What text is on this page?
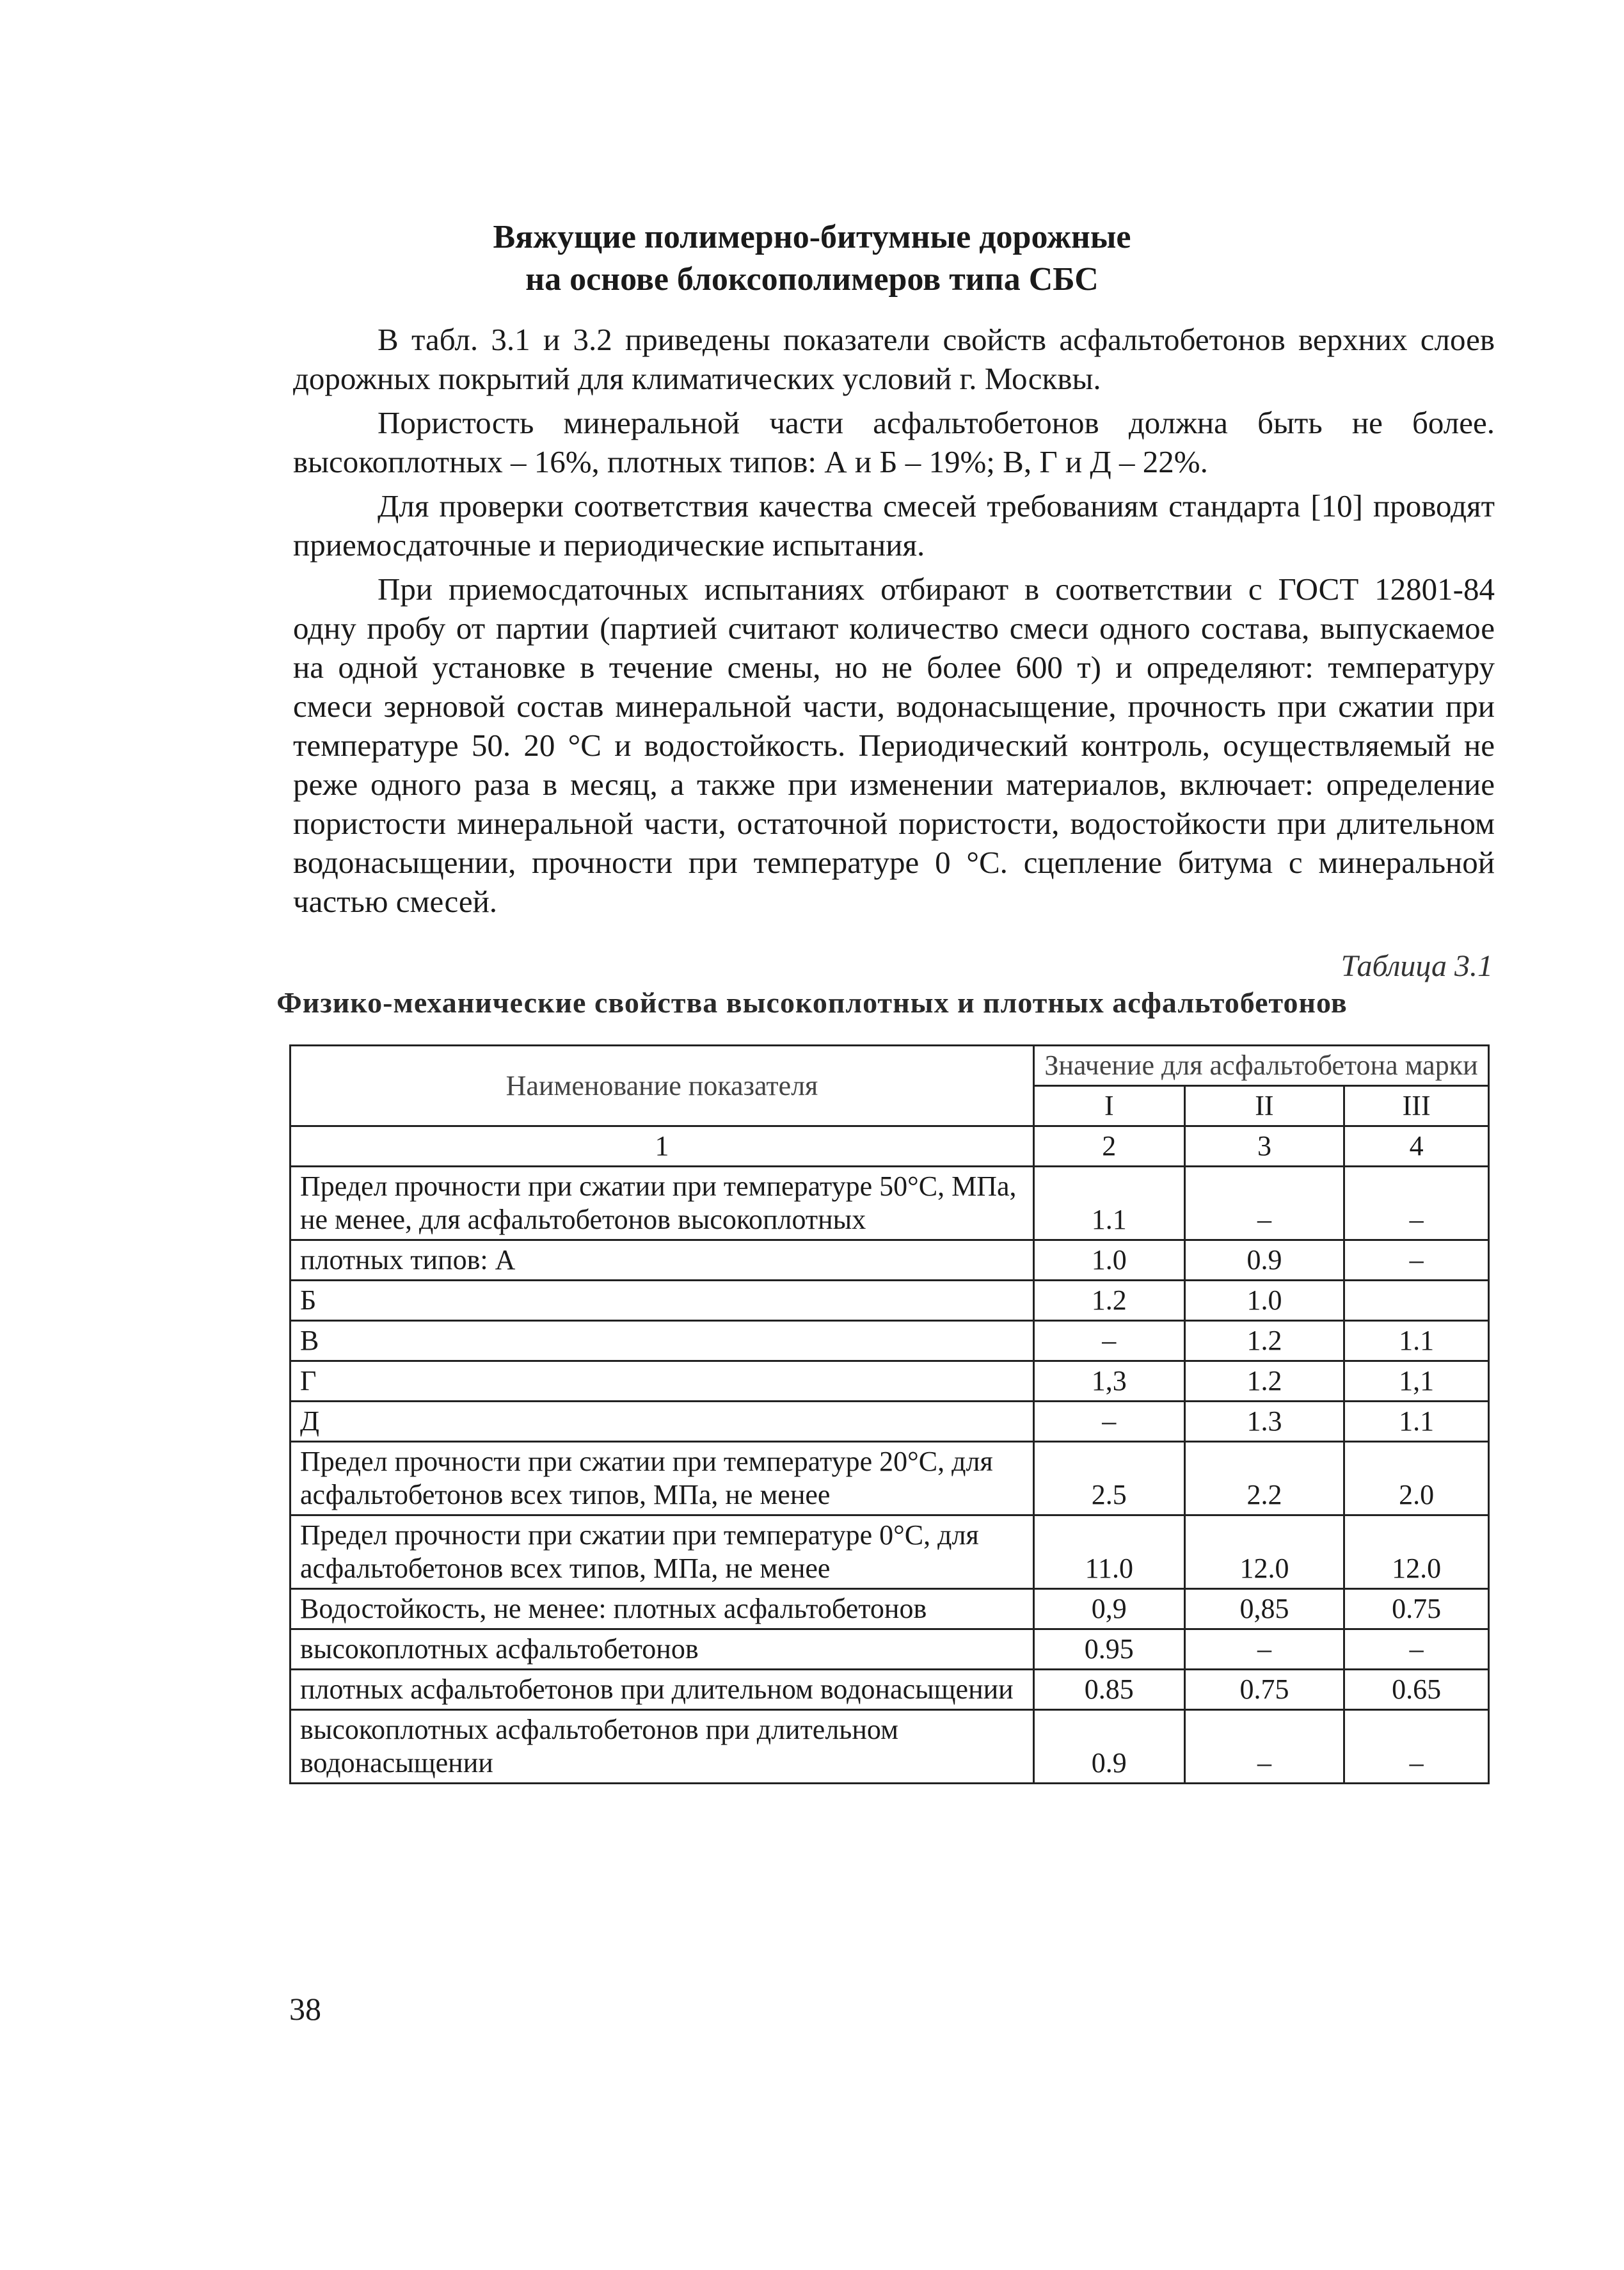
Вяжущие полимерно-битумные дорожные
на основе блоксополимеров типа СБС

В табл. 3.1 и 3.2 приведены показатели свойств асфальтобетонов верхних слоев дорожных покрытий для климатических условий г. Москвы.

Пористость минеральной части асфальтобетонов должна быть не более. высокоплотных – 16%, плотных типов: А и Б – 19%; В, Г и Д – 22%.

Для проверки соответствия качества смесей требованиям стандарта [10] проводят приемосдаточные и периодические испытания.

При приемосдаточных испытаниях отбирают в соответствии с ГОСТ 12801-84 одну пробу от партии (партией считают количество смеси одного состава, выпускаемое на одной установке в течение смены, но не более 600 т) и определяют: температуру смеси зерновой состав минеральной части, водонасыщение, прочность при сжатии при температуре 50. 20 °С и водостойкость. Периодический контроль, осуществляемый не реже одного раза в месяц, а также при изменении материалов, включает: определение пористости минеральной части, остаточной пористости, водостойкости при длительном водонасыщении, прочности при температуре 0 °С. сцепление битума с минеральной частью смесей.

Таблица 3.1
Физико-механические свойства высокоплотных и плотных асфальтобетонов
Наименование показателя	Значение для асфальтобетона марки		
	I	II	III
1	2	3	4
Предел прочности при сжатии при температуре 50°С, МПа, не менее, для асфальтобетонов высокоплотных	1.1	–	–
плотных типов: А	1.0	0.9	–
Б	1.2	1.0	
В	–	1.2	1.1
Г	1,3	1.2	1,1
Д	–	1.3	1.1
Предел прочности при сжатии при температуре 20°С, для асфальтобетонов всех типов, МПа, не менее	2.5	2.2	2.0
Предел прочности при сжатии при температуре 0°С, для асфальтобетонов всех типов, МПа, не менее	11.0	12.0	12.0
Водостойкость, не менее: плотных асфальтобетонов	0,9	0,85	0.75
высокоплотных асфальтобетонов	0.95	–	–
плотных асфальтобетонов при длительном водонасыщении	0.85	0.75	0.65
высокоплотных асфальтобетонов при длительном водонасыщении	0.9	–	–
38
